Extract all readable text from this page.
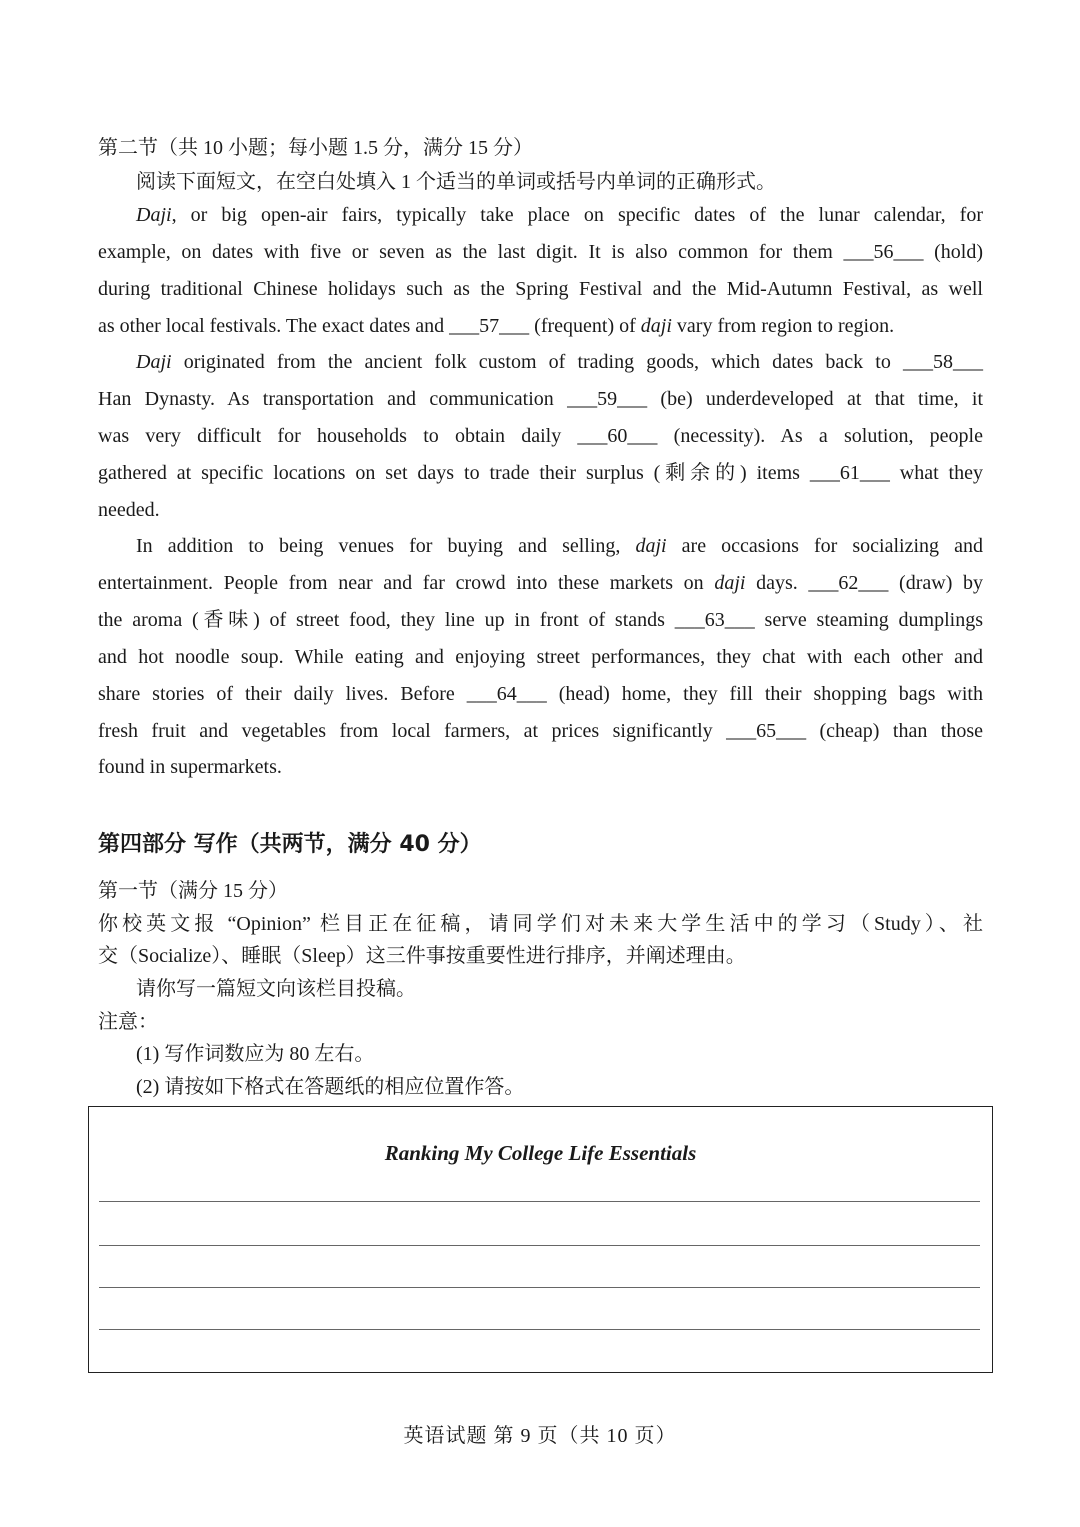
第二节（共 10 小题；每小题 1.5 分，满分 15 分）
阅读下面短文，在空白处填入 1 个适当的单词或括号内单词的正确形式。
Daji, or big open-air fairs, typically take place on specific dates of the lunar calendar, for
example, on dates with five or seven as the last digit. It is also common for them ___56___ (hold)
during traditional Chinese holidays such as the Spring Festival and the Mid-Autumn Festival, as well
as other local festivals. The exact dates and ___57___ (frequent) of daji vary from region to region.
Daji originated from the ancient folk custom of trading goods, which dates back to ___58___
Han Dynasty. As transportation and communication ___59___ (be) underdeveloped at that time, it
was very difficult for households to obtain daily ___60___ (necessity). As a solution, people
gathered at specific locations on set days to trade their surplus (剩余的) items ___61___ what they
needed.
In addition to being venues for buying and selling, daji are occasions for socializing and
entertainment. People from near and far crowd into these markets on daji days. ___62___ (draw) by
the aroma (香味) of street food, they line up in front of stands ___63___ serve steaming dumplings
and hot noodle soup. While eating and enjoying street performances, they chat with each other and
share stories of their daily lives. Before ___64___ (head) home, they fill their shopping bags with
fresh fruit and vegetables from local farmers, at prices significantly ___65___ (cheap) than those
found in supermarkets.
第四部分 写作（共两节，满分 40 分）
第一节（满分 15 分）
你校英文报 “Opinion” 栏目正在征稿，请同学们对未来大学生活中的学习（Study）、社
交（Socialize）、睡眠（Sleep）这三件事按重要性进行排序，并阐述理由。
请你写一篇短文向该栏目投稿。
注意：
(1) 写作词数应为 80 左右。
(2) 请按如下格式在答题纸的相应位置作答。
Ranking My College Life Essentials
英语试题 第 9 页（共 10 页）
